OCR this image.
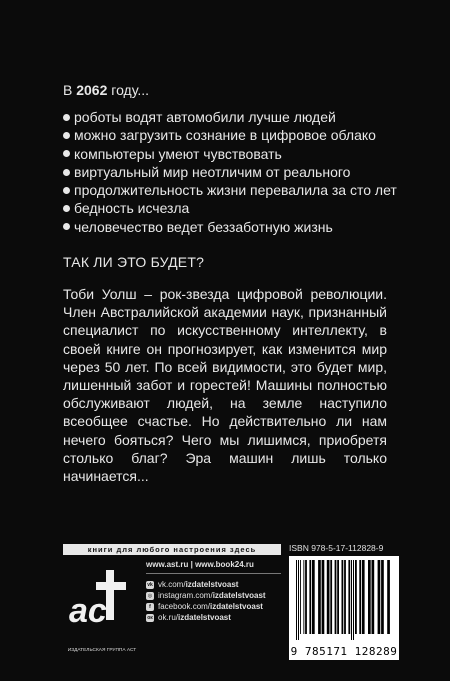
В 2062 году...
роботы водят автомобили лучше людей
можно загрузить сознание в цифровое облако
компьютеры умеют чувствовать
виртуальный мир неотличим от реального
продолжительность жизни перевалила за сто лет
бедность исчезла
человечество ведет беззаботную жизнь
ТАК ЛИ ЭТО БУДЕТ?

Тоби Уолш – рок-звезда цифровой революции. Член Австралийской академии наук, признанный специалист по искусственному интеллекту, в своей книге он прогнозирует, как изменится мир через 50 лет. По всей видимости, это будет мир, лишенный забот и горестей! Машины полностью обслуживают людей, на земле наступило всеобщее счастье. Но действительно ли нам нечего бояться? Чего мы лишимся, приобретя столько благ? Эра машин лишь только начинается...

книги для любого настроения здесь
ac
ИЗДАТЕЛЬСКАЯ ГРУППА АСТ
www.ast.ru | www.book24.ru
vk vk.com/ izdatelstvoast
◎ instagram.com/ izdatelstvoast
f facebook.com/ izdatelstvoast
ок ok.ru/ izdatelstvoast
ISBN 978-5-17-112828-9
9 785171 128289
